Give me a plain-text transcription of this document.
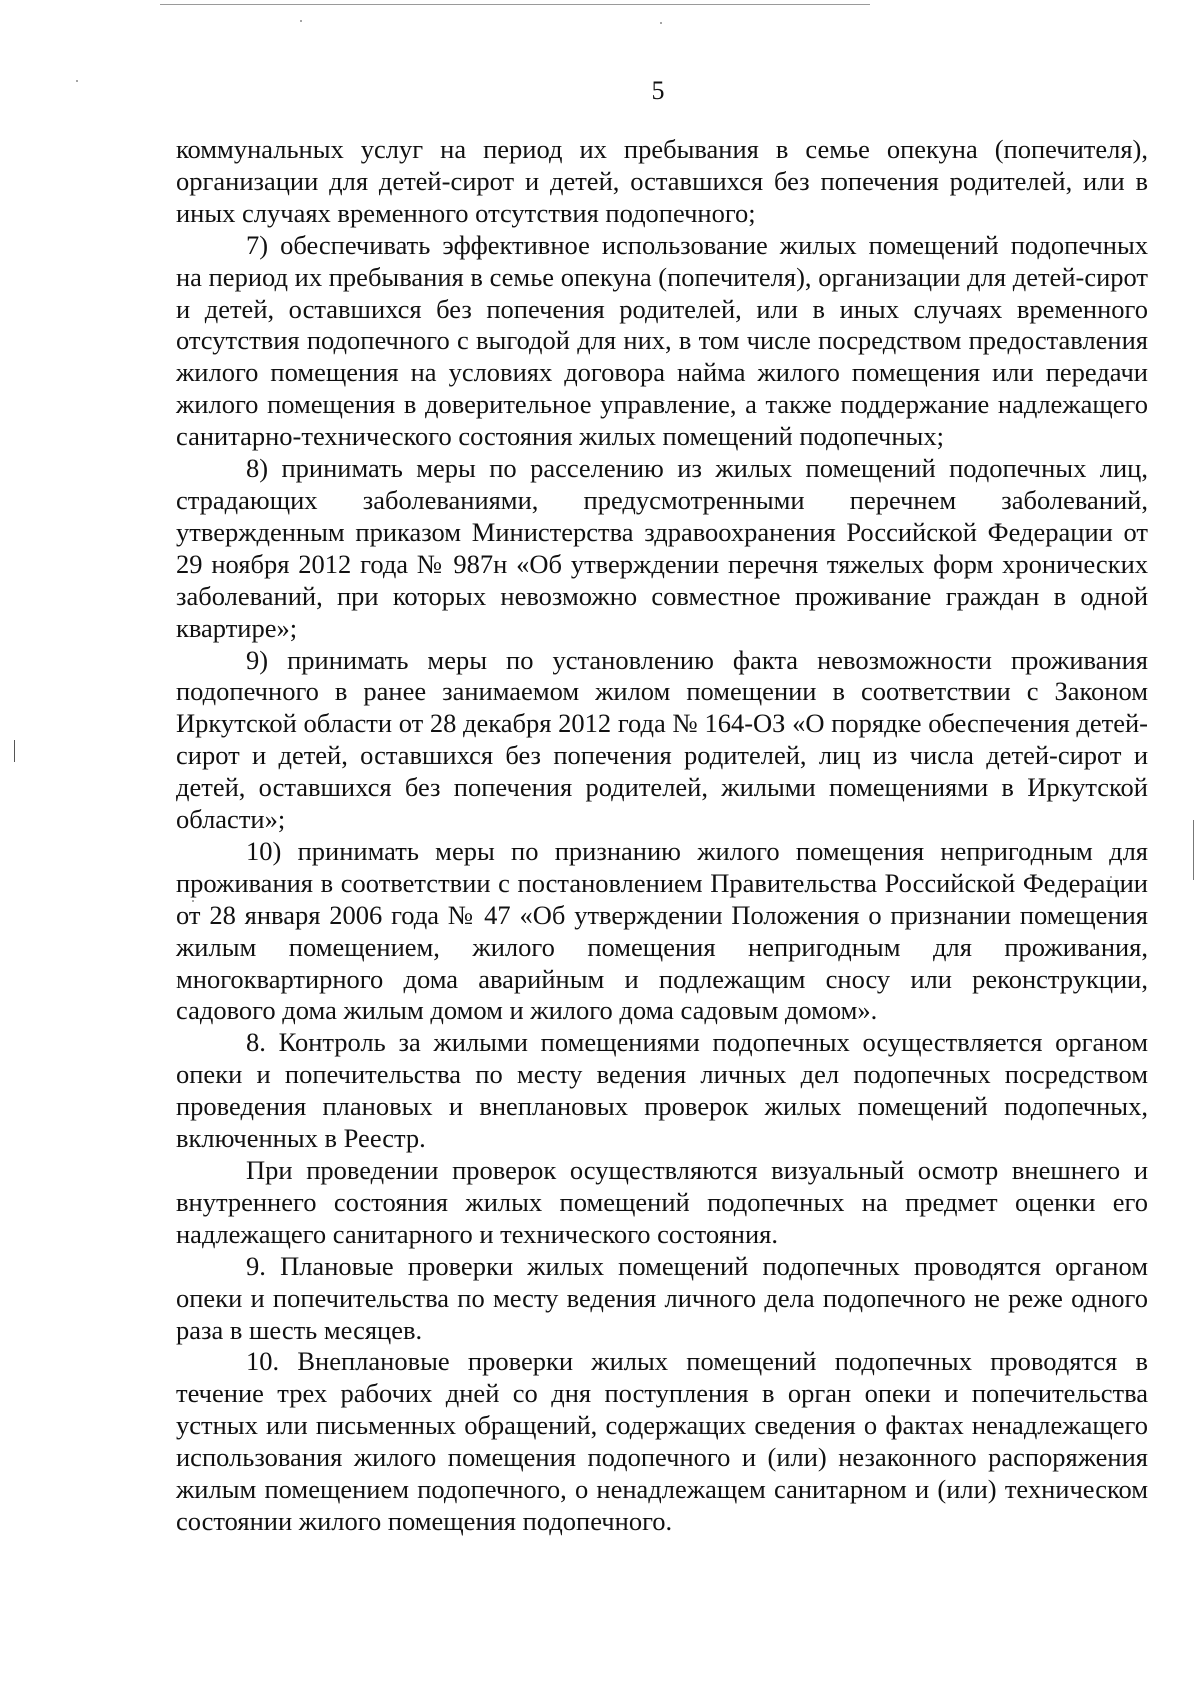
5

коммунальных услуг на период их пребывания в семье опекуна (попечителя), организации для детей-сирот и детей, оставшихся без попечения родителей, или в иных случаях временного отсутствия подопечного;

7) обеспечивать эффективное использование жилых помещений подопечных на период их пребывания в семье опекуна (попечителя), организации для детей-сирот и детей, оставшихся без попечения родителей, или в иных случаях временного отсутствия подопечного с выгодой для них, в том числе посредством предоставления жилого помещения на условиях договора найма жилого помещения или передачи жилого помещения в доверительное управление, а также поддержание надлежащего санитарно-технического состояния жилых помещений подопечных;

8) принимать меры по расселению из жилых помещений подопечных лиц, страдающих заболеваниями, предусмотренными перечнем заболеваний, утвержденным приказом Министерства здравоохранения Российской Федерации от 29 ноября 2012 года № 987н «Об утверждении перечня тяжелых форм хронических заболеваний, при которых невозможно совместное проживание граждан в одной квартире»;

9) принимать меры по установлению факта невозможности проживания подопечного в ранее занимаемом жилом помещении в соответствии с Законом Иркутской области от 28 декабря 2012 года № 164-ОЗ «О порядке обеспечения детей-сирот и детей, оставшихся без попечения родителей, лиц из числа детей-сирот и детей, оставшихся без попечения родителей, жилыми помещениями в Иркутской области»;

10) принимать меры по признанию жилого помещения непригодным для проживания в соответствии с постановлением Правительства Российской Федерации от 28 января 2006 года № 47 «Об утверждении Положения о признании помещения жилым помещением, жилого помещения непригодным для проживания, многоквартирного дома аварийным и подлежащим сносу или реконструкции, садового дома жилым домом и жилого дома садовым домом».

8. Контроль за жилыми помещениями подопечных осуществляется органом опеки и попечительства по месту ведения личных дел подопечных посредством проведения плановых и внеплановых проверок жилых помещений подопечных, включенных в Реестр.

При проведении проверок осуществляются визуальный осмотр внешнего и внутреннего состояния жилых помещений подопечных на предмет оценки его надлежащего санитарного и технического состояния.

9. Плановые проверки жилых помещений подопечных проводятся органом опеки и попечительства по месту ведения личного дела подопечного не реже одного раза в шесть месяцев.

10. Внеплановые проверки жилых помещений подопечных проводятся в течение трех рабочих дней со дня поступления в орган опеки и попечительства устных или письменных обращений, содержащих сведения о фактах ненадлежащего использования жилого помещения подопечного и (или) незаконного распоряжения жилым помещением подопечного, о ненадлежащем санитарном и (или) техническом состоянии жилого помещения подопечного.
